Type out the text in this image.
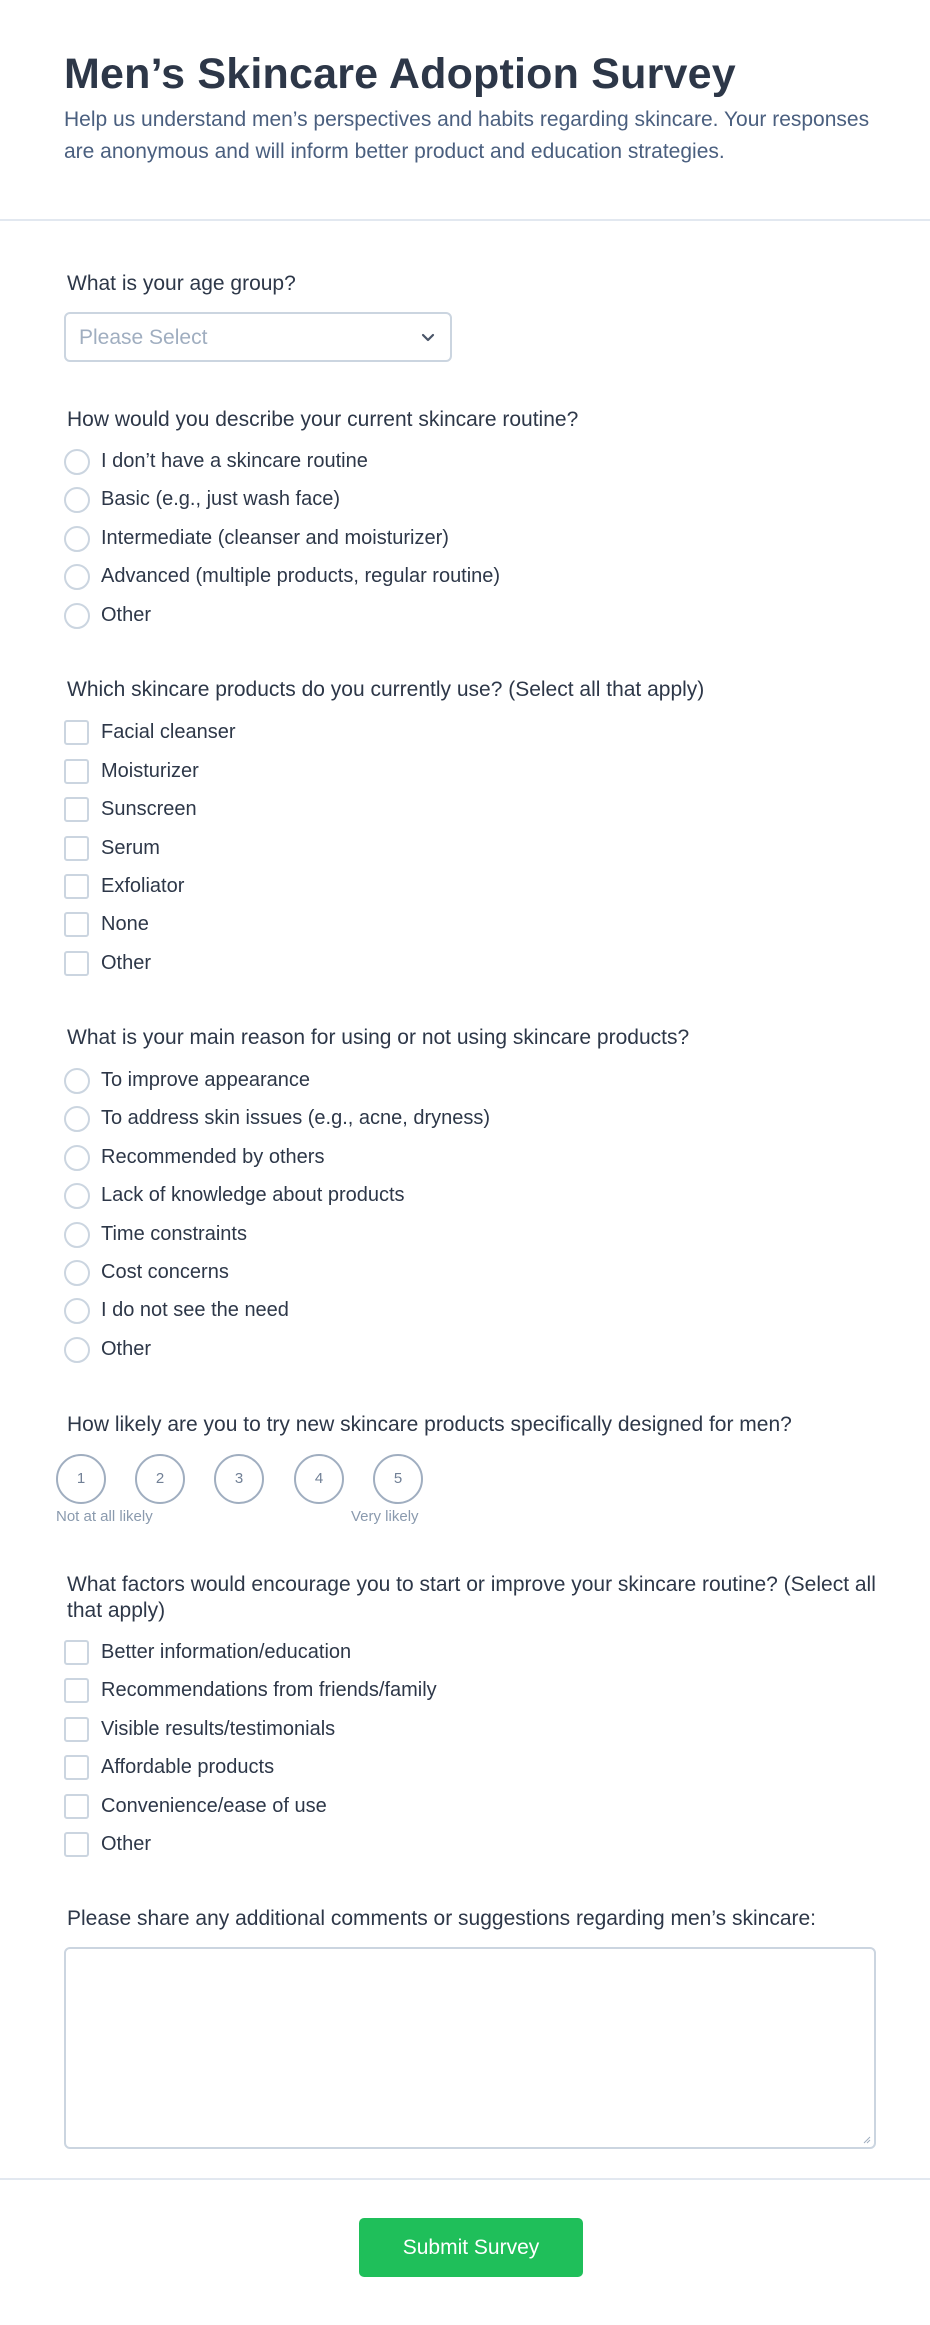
Men’s Skincare Adoption Survey
Help us understand men’s perspectives and habits regarding skincare. Your responses are anonymous and will inform better product and education strategies.
What is your age group?
Please Select
How would you describe your current skincare routine?
I don’t have a skincare routine
Basic (e.g., just wash face)
Intermediate (cleanser and moisturizer)
Advanced (multiple products, regular routine)
Other
Which skincare products do you currently use? (Select all that apply)
Facial cleanser
Moisturizer
Sunscreen
Serum
Exfoliator
None
Other
What is your main reason for using or not using skincare products?
To improve appearance
To address skin issues (e.g., acne, dryness)
Recommended by others
Lack of knowledge about products
Time constraints
Cost concerns
I do not see the need
Other
How likely are you to try new skincare products specifically designed for men?
1	2	3	4	5
Not at all likely	Very likely
What factors would encourage you to start or improve your skincare routine? (Select all that apply)
Better information/education
Recommendations from friends/family
Visible results/testimonials
Affordable products
Convenience/ease of use
Other
Please share any additional comments or suggestions regarding men’s skincare:
Submit Survey
